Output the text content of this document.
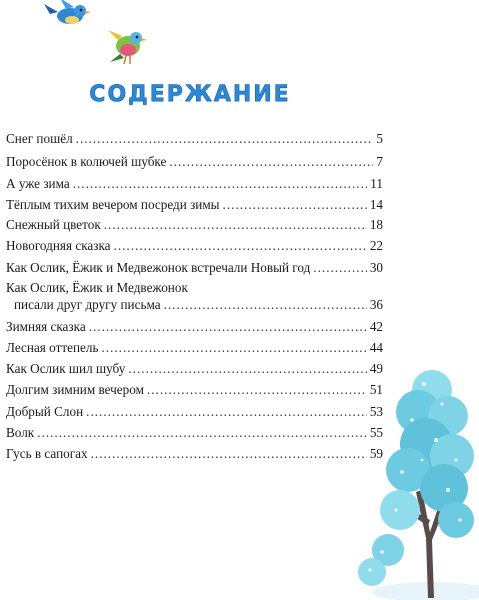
СОДЕРЖАНИЕ
Снег пошёл .....	5
Поросёнок в колючей шубке .....	7
А уже зима .....	11
Тёплым тихим вечером посреди зимы .....	14
Снежный цветок .....	18
Новогодняя сказка .....	22
Как Ослик, Ёжик и Медвежонок встречали Новый год .....	30
Как Ослик, Ёжик и Медвежонок
писали друг другу письма .....	36
Зимняя сказка .....	42
Лесная оттепель .....	44
Как Ослик шил шубу .....	49
Долгим зимним вечером .....	51
Добрый Слон .....	53
Волк .....	55
Гусь в сапогах .....	59
